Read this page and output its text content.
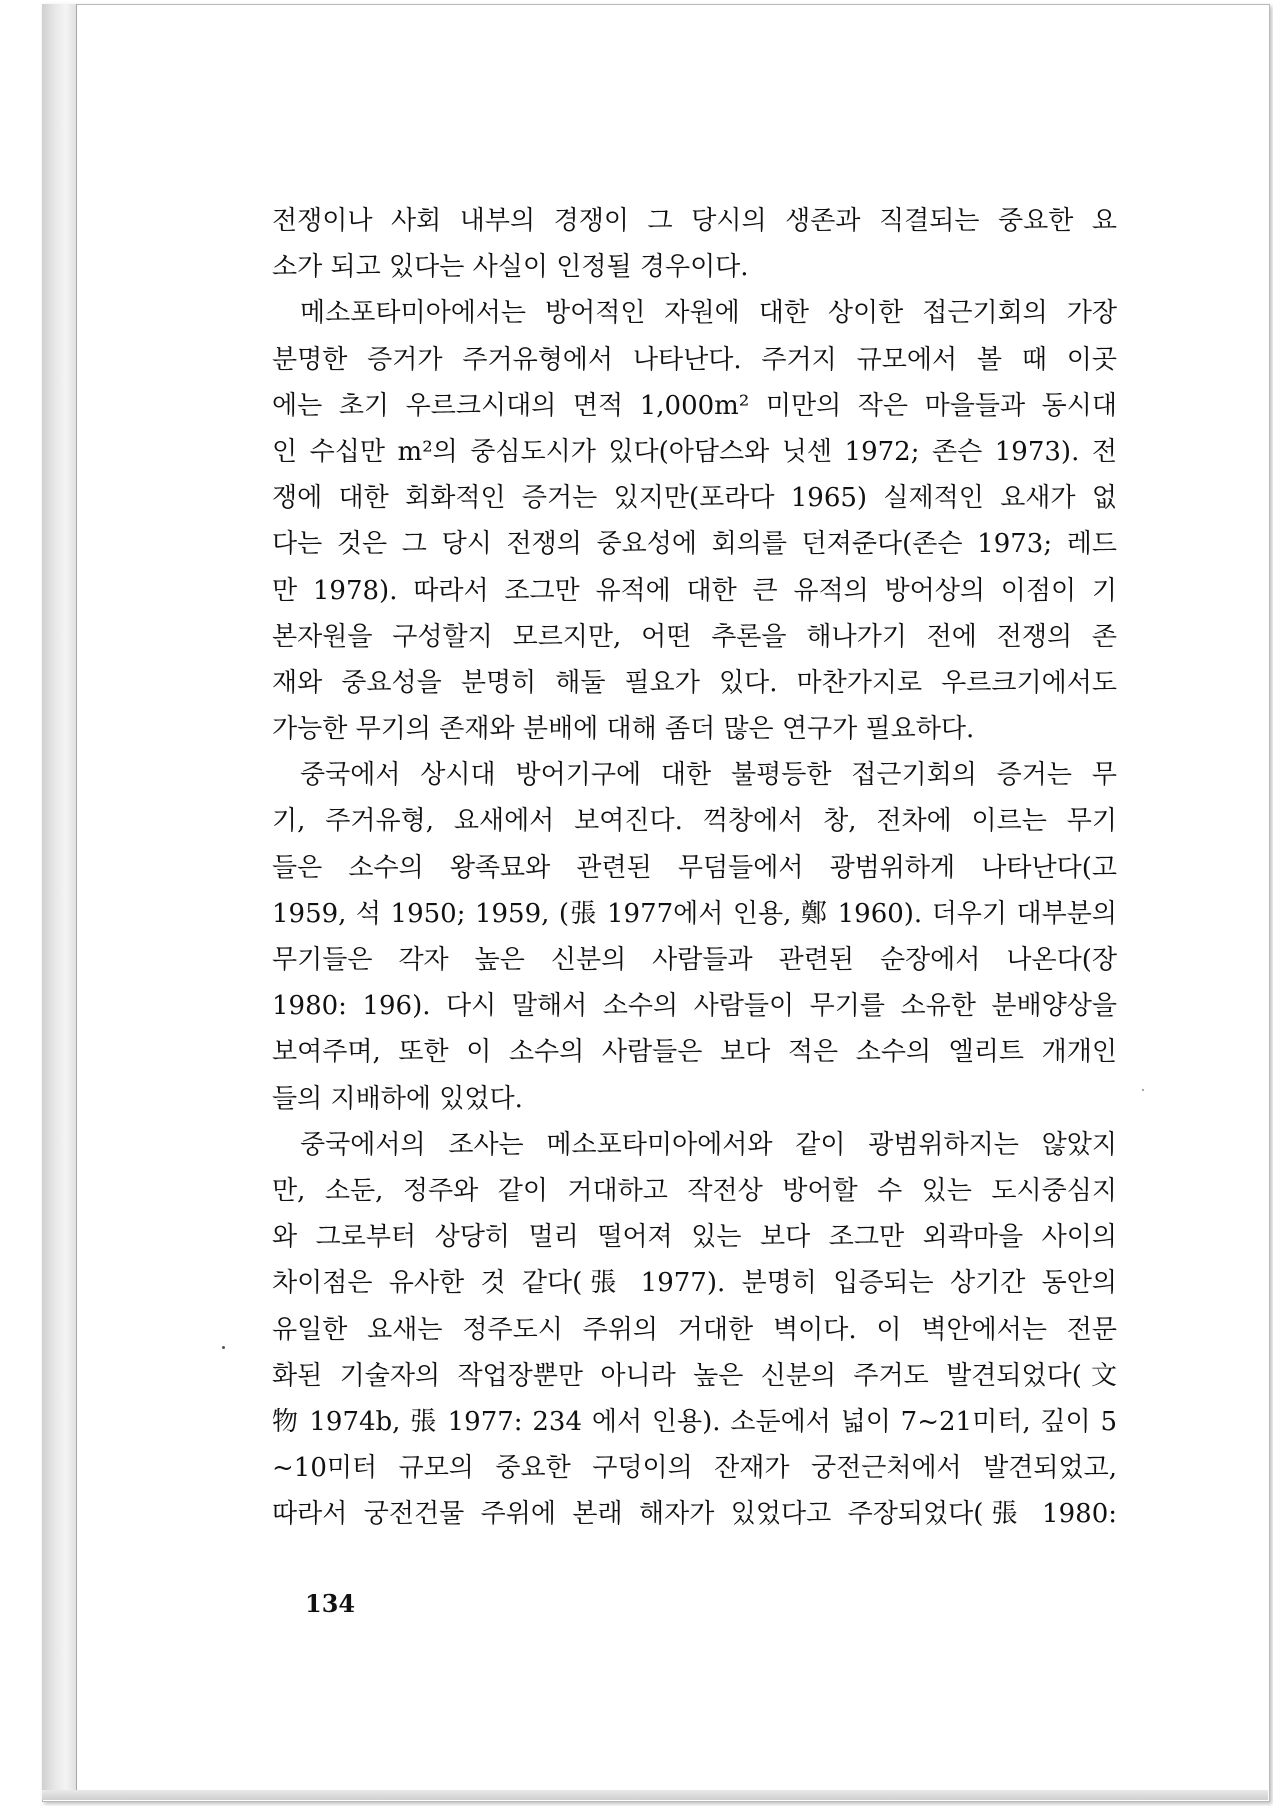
전쟁이나 사회 내부의 경쟁이 그 당시의 생존과 직결되는 중요한 요
소가 되고 있다는 사실이 인정될 경우이다.
메소포타미아에서는 방어적인 자원에 대한 상이한 접근기회의 가장
분명한 증거가 주거유형에서 나타난다. 주거지 규모에서 볼 때 이곳
에는 초기 우르크시대의 면적 1,000m² 미만의 작은 마을들과 동시대
인 수십만 m²의 중심도시가 있다(아담스와 닛센 1972; 존슨 1973). 전
쟁에 대한 회화적인 증거는 있지만(포라다 1965) 실제적인 요새가 없
다는 것은 그 당시 전쟁의 중요성에 회의를 던져준다(존슨 1973; 레드
만 1978). 따라서 조그만 유적에 대한 큰 유적의 방어상의 이점이 기
본자원을 구성할지 모르지만, 어떤 추론을 해나가기 전에 전쟁의 존
재와 중요성을 분명히 해둘 필요가 있다. 마찬가지로 우르크기에서도
가능한 무기의 존재와 분배에 대해 좀더 많은 연구가 필요하다.
중국에서 상시대 방어기구에 대한 불평등한 접근기회의 증거는 무
기, 주거유형, 요새에서 보여진다. 꺽창에서 창, 전차에 이르는 무기
들은 소수의 왕족묘와 관련된 무덤들에서 광범위하게 나타난다(고
1959, 석 1950; 1959, (張 1977에서 인용, 鄭 1960). 더우기 대부분의
무기들은 각자 높은 신분의 사람들과 관련된 순장에서 나온다(장
1980: 196). 다시 말해서 소수의 사람들이 무기를 소유한 분배양상을
보여주며, 또한 이 소수의 사람들은 보다 적은 소수의 엘리트 개개인
들의 지배하에 있었다.
중국에서의 조사는 메소포타미아에서와 같이 광범위하지는 않았지
만, 소둔, 정주와 같이 거대하고 작전상 방어할 수 있는 도시중심지
와 그로부터 상당히 멀리 떨어져 있는 보다 조그만 외곽마을 사이의
차이점은 유사한 것 같다(張 1977). 분명히 입증되는 상기간 동안의
유일한 요새는 정주도시 주위의 거대한 벽이다. 이 벽안에서는 전문
화된 기술자의 작업장뿐만 아니라 높은 신분의 주거도 발견되었다(文
物 1974b, 張 1977: 234 에서 인용). 소둔에서 넓이 7~21미터, 깊이 5
~10미터 규모의 중요한 구덩이의 잔재가 궁전근처에서 발견되었고,
따라서 궁전건물 주위에 본래 해자가 있었다고 주장되었다(張 1980:
134
